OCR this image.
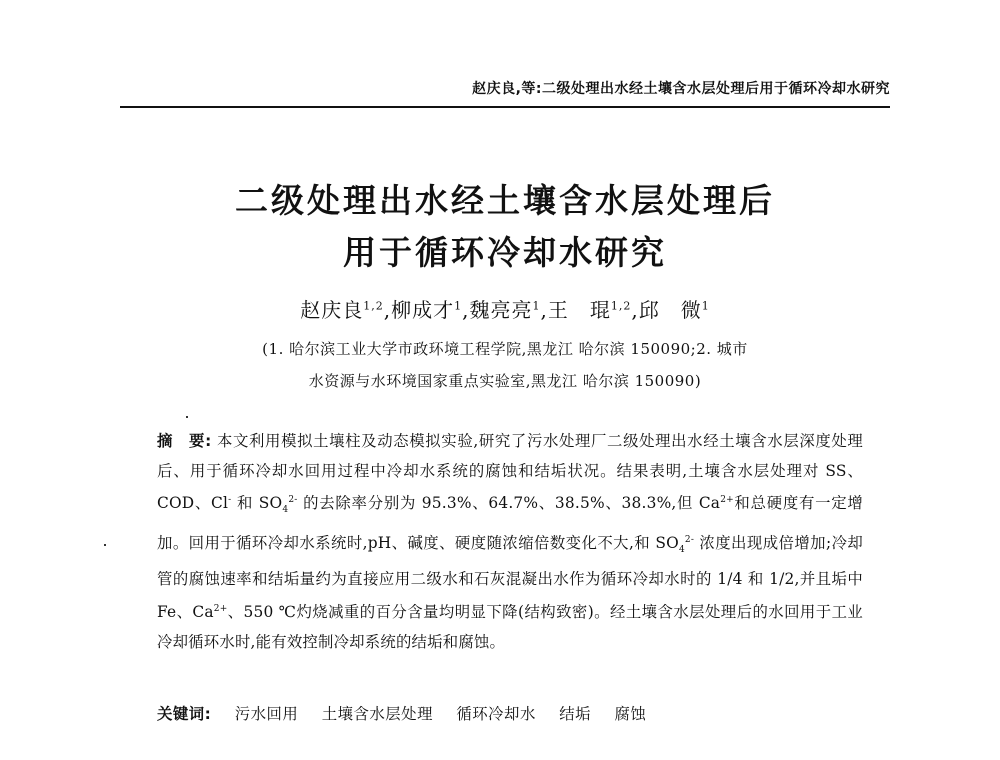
赵庆良,等:二级处理出水经土壤含水层处理后用于循环冷却水研究
二级处理出水经土壤含水层处理后
用于循环冷却水研究
赵庆良$^{1,2}$,柳成才$^1$,魏亮亮$^1$,王　琨$^{1,2}$,邱　微$^1$
(1. 哈尔滨工业大学市政环境工程学院,黑龙江 哈尔滨 150090;2. 城市
水资源与水环境国家重点实验室,黑龙江 哈尔滨 150090)
摘　要: 本文利用模拟土壤柱及动态模拟实验,研究了污水处理厂二级处理出水经土壤含水层深度处理后、用于循环冷却水回用过程中冷却水系统的腐蚀和结垢状况。结果表明,土壤含水层处理对 SS、COD、Cl- 和 $SO_4^{2-}$ 的去除率分别为 95.3%、64.7%、38.5%、38.3%,但 $Ca^{2+}$和总硬度有一定增加。回用于循环冷却水系统时,pH、碱度、硬度随浓缩倍数变化不大,和 $SO_4^{2-}$ 浓度出现成倍增加;冷却管的腐蚀速率和结垢量约为直接应用二级水和石灰混凝出水作为循环冷却水时的 1/4 和 1/2,并且垢中 Fe、$Ca^{2+}$、550 ℃灼烧减重的百分含量均明显下降(结构致密)。经土壤含水层处理后的水回用于工业冷却循环水时,能有效控制冷却系统的结垢和腐蚀。
关键词: 污水回用 土壤含水层处理 循环冷却水 结垢 腐蚀
